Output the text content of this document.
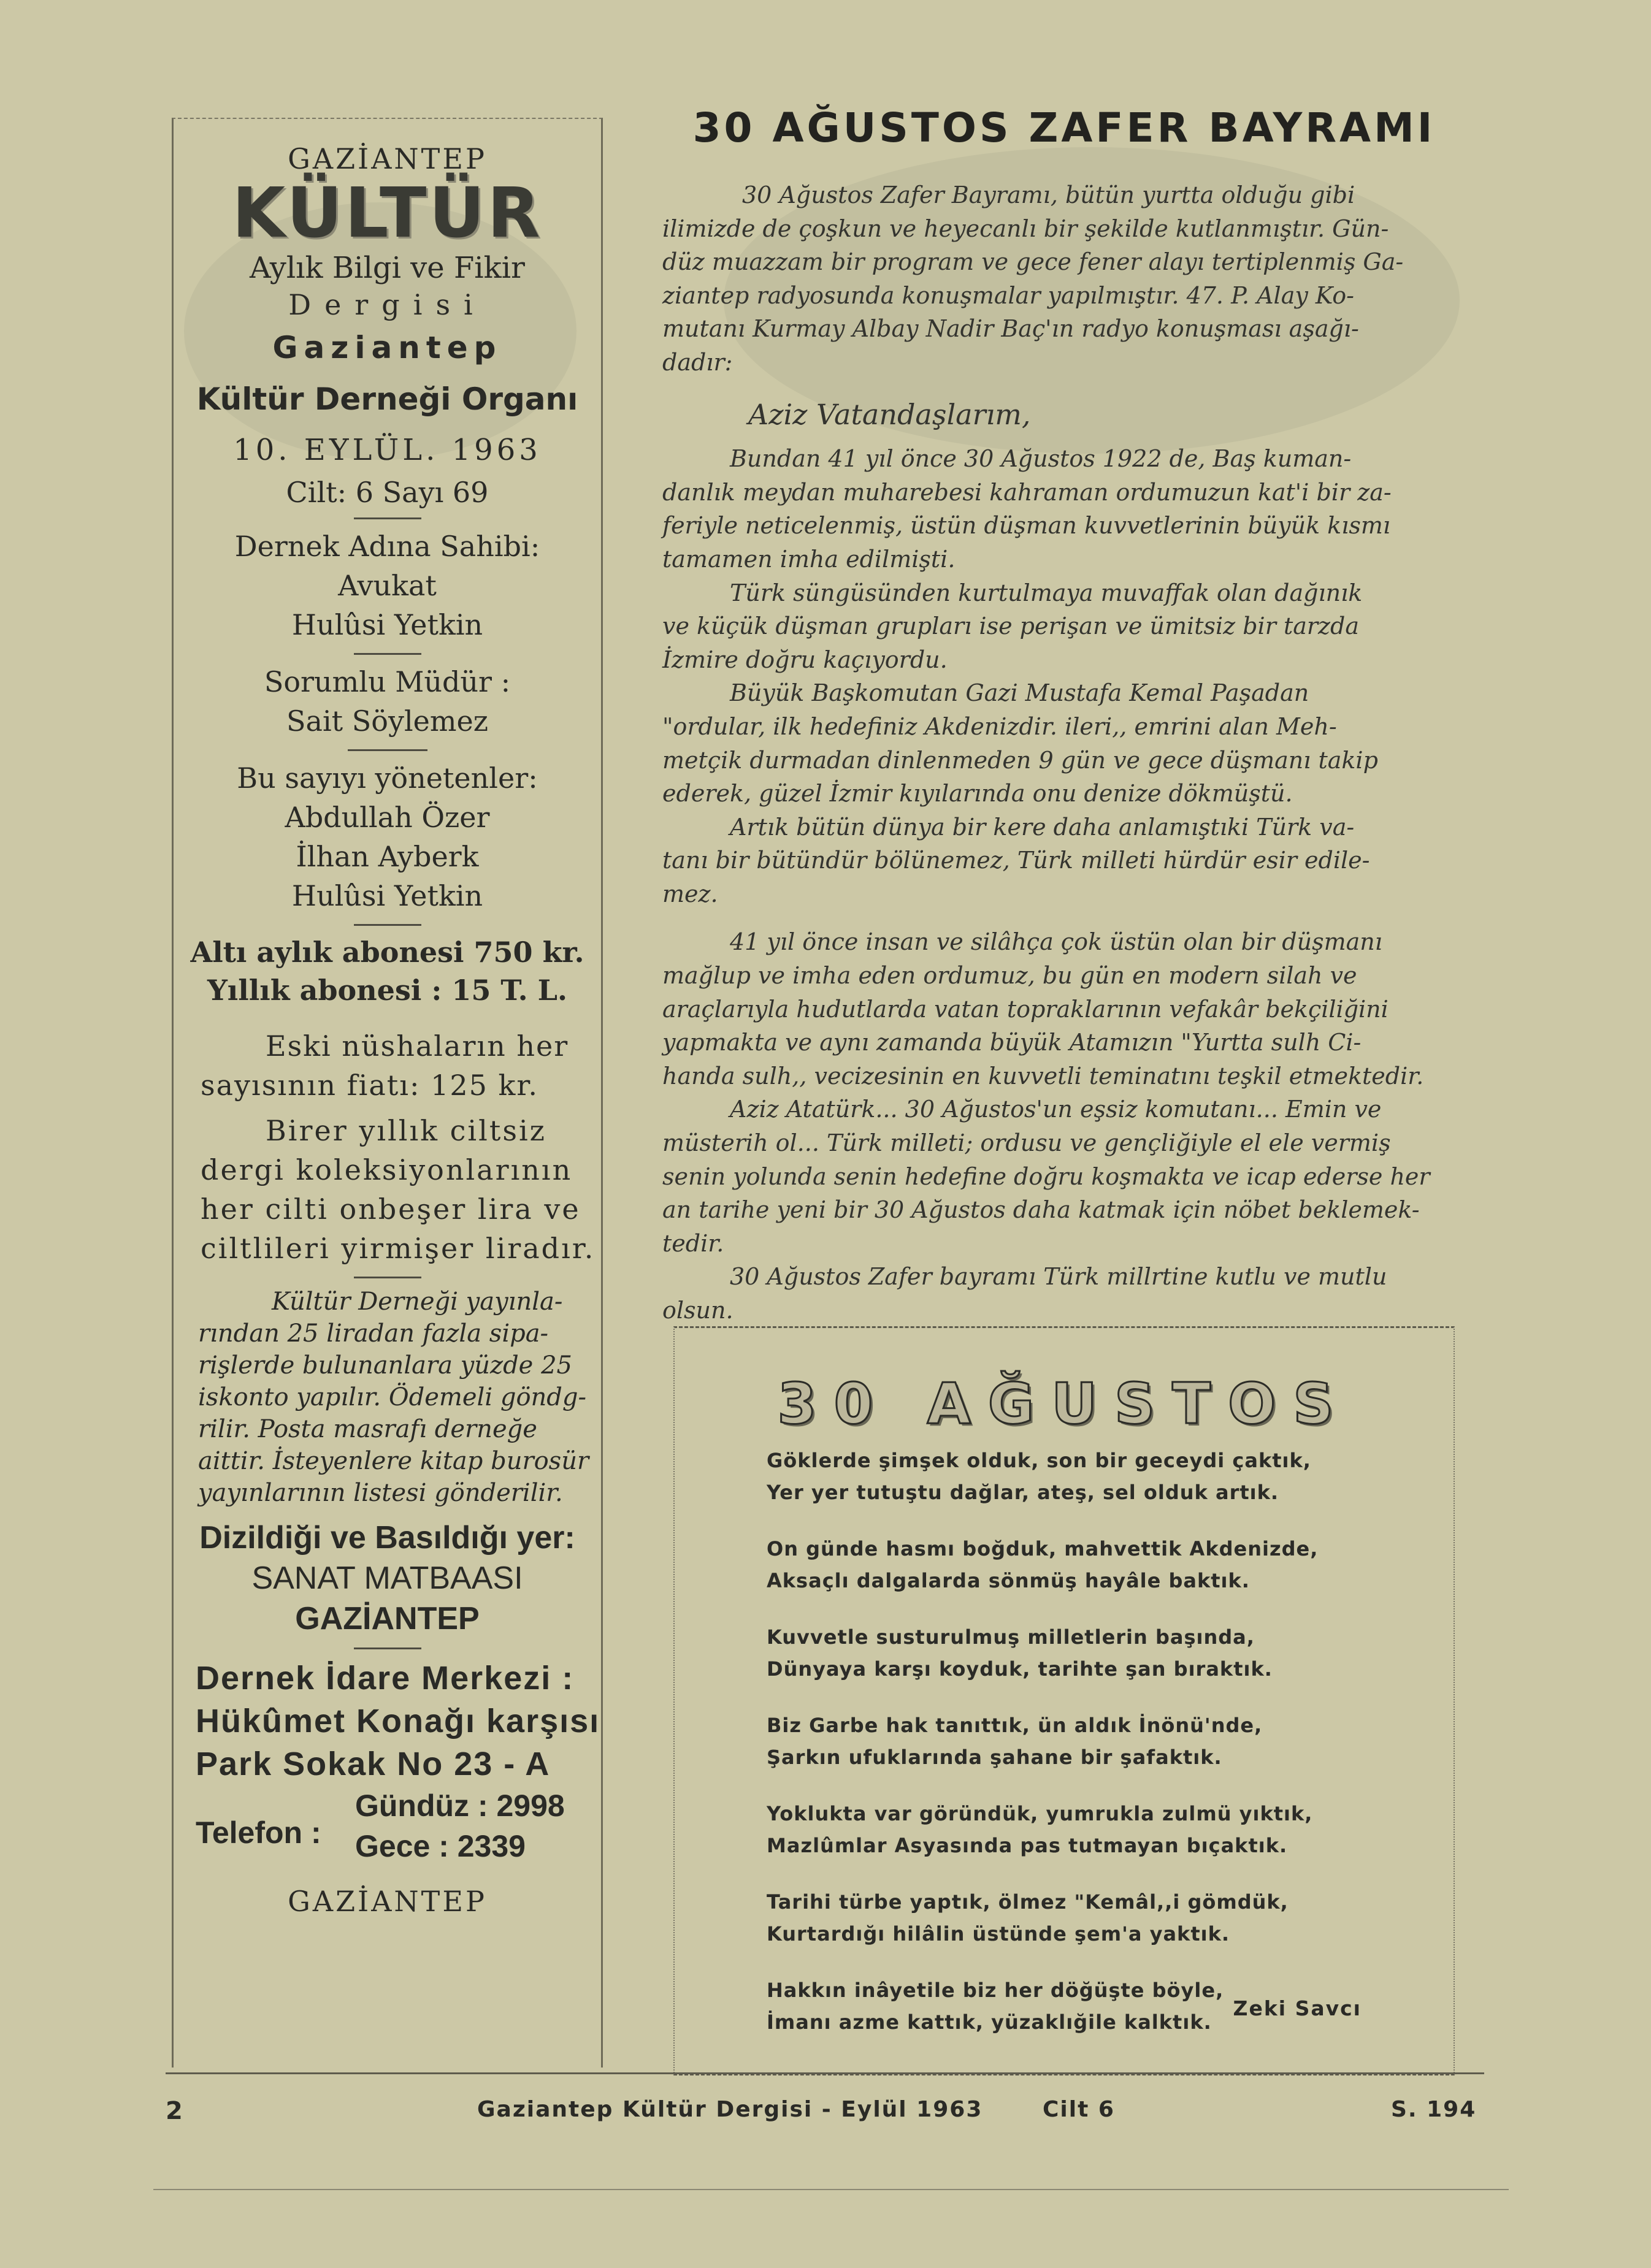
GAZİANTEP
KÜLTÜR
Aylık Bilgi ve Fikir
Dergisi
Gaziantep
Kültür Derneği Organı
10. EYLÜL. 1963
Cilt: 6 Sayı 69
Dernek Adına Sahibi:
Avukat
Hulûsi Yetkin
Sorumlu Müdür :
Sait Söylemez
Bu sayıyı yönetenler:
Abdullah Özer
İlhan Ayberk
Hulûsi Yetkin
Altı aylık abonesi 750 kr.
Yıllık abonesi : 15 T. L.
Eski nüshaların her
sayısının fiatı: 125 kr.
Birer yıllık ciltsiz
dergi koleksiyonlarının
her cilti onbeşer lira ve
ciltlileri yirmişer liradır.
Kültür Derneği yayınla-
rından 25 liradan fazla sipa-
rişlerde bulunanlara yüzde 25
iskonto yapılır. Ödemeli göndg-
rilir. Posta masrafı derneğe
aittir. İsteyenlere kitap burosür
yayınlarının listesi gönderilir.
Dizildiği ve Basıldığı yer:
SANAT MATBAASI
GAZİANTEP
Dernek İdare Merkezi :
Hükûmet Konağı karşısı
Park Sokak No 23 - A
Telefon :
Gündüz : 2998
Gece : 2339
GAZİANTEP
30 AĞUSTOS ZAFER BAYRAMI

30 Ağustos Zafer Bayramı, bütün yurtta olduğu gibi

ilimizde de çoşkun ve heyecanlı bir şekilde kutlanmıştır. Gün-

düz muazzam bir program ve gece fener alayı tertiplenmiş Ga-

ziantep radyosunda konuşmalar yapılmıştır. 47. P. Alay Ko-

mutanı Kurmay Albay Nadir Baç'ın radyo konuşması aşağı-

dadır:

Aziz Vatandaşlarım,

Bundan 41 yıl önce 30 Ağustos 1922 de, Baş kuman-

danlık meydan muharebesi kahraman ordumuzun kat'i bir za-

feriyle neticelenmiş, üstün düşman kuvvetlerinin büyük kısmı

tamamen imha edilmişti.

Türk süngüsünden kurtulmaya muvaffak olan dağınık

ve küçük düşman grupları ise perişan ve ümitsiz bir tarzda

İzmire doğru kaçıyordu.

Büyük Başkomutan Gazi Mustafa Kemal Paşadan

"ordular, ilk hedefiniz Akdenizdir. ileri,, emrini alan Meh-

metçik durmadan dinlenmeden 9 gün ve gece düşmanı takip

ederek, güzel İzmir kıyılarında onu denize dökmüştü.

Artık bütün dünya bir kere daha anlamıştıki Türk va-

tanı bir bütündür bölünemez, Türk milleti hürdür esir edile-

mez.

41 yıl önce insan ve silâhça çok üstün olan bir düşmanı

mağlup ve imha eden ordumuz, bu gün en modern silah ve

araçlarıyla hudutlarda vatan topraklarının vefakâr bekçiliğini

yapmakta ve aynı zamanda büyük Atamızın "Yurtta sulh Ci-

handa sulh,, vecizesinin en kuvvetli teminatını teşkil etmektedir.

Aziz Atatürk... 30 Ağustos'un eşsiz komutanı... Emin ve

müsterih ol... Türk milleti; ordusu ve gençliğiyle el ele vermiş

senin yolunda senin hedefine doğru koşmakta ve icap ederse her

an tarihe yeni bir 30 Ağustos daha katmak için nöbet beklemek-

tedir.

30 Ağustos Zafer bayramı Türk millrtine kutlu ve mutlu

olsun.

30 AĞUSTOS
Göklerde şimşek olduk, son bir geceydi çaktık,
Yer yer tutuştu dağlar, ateş, sel olduk artık.
On günde hasmı boğduk, mahvettik Akdenizde,
Aksaçlı dalgalarda sönmüş hayâle baktık.
Kuvvetle susturulmuş milletlerin başında,
Dünyaya karşı koyduk, tarihte şan bıraktık.
Biz Garbe hak tanıttık, ün aldık İnönü'nde,
Şarkın ufuklarında şahane bir şafaktık.
Yoklukta var göründük, yumrukla zulmü yıktık,
Mazlûmlar Asyasında pas tutmayan bıçaktık.
Tarihi türbe yaptık, ölmez "Kemâl,,i gömdük,
Kurtardığı hilâlin üstünde şem'a yaktık.
Hakkın inâyetile biz her döğüşte böyle,
İmanı azme kattık, yüzaklığile kalktık.
Zeki Savcı
2	Gaziantep Kültür Dergisi - Eylül 1963	Cilt 6	S. 194
